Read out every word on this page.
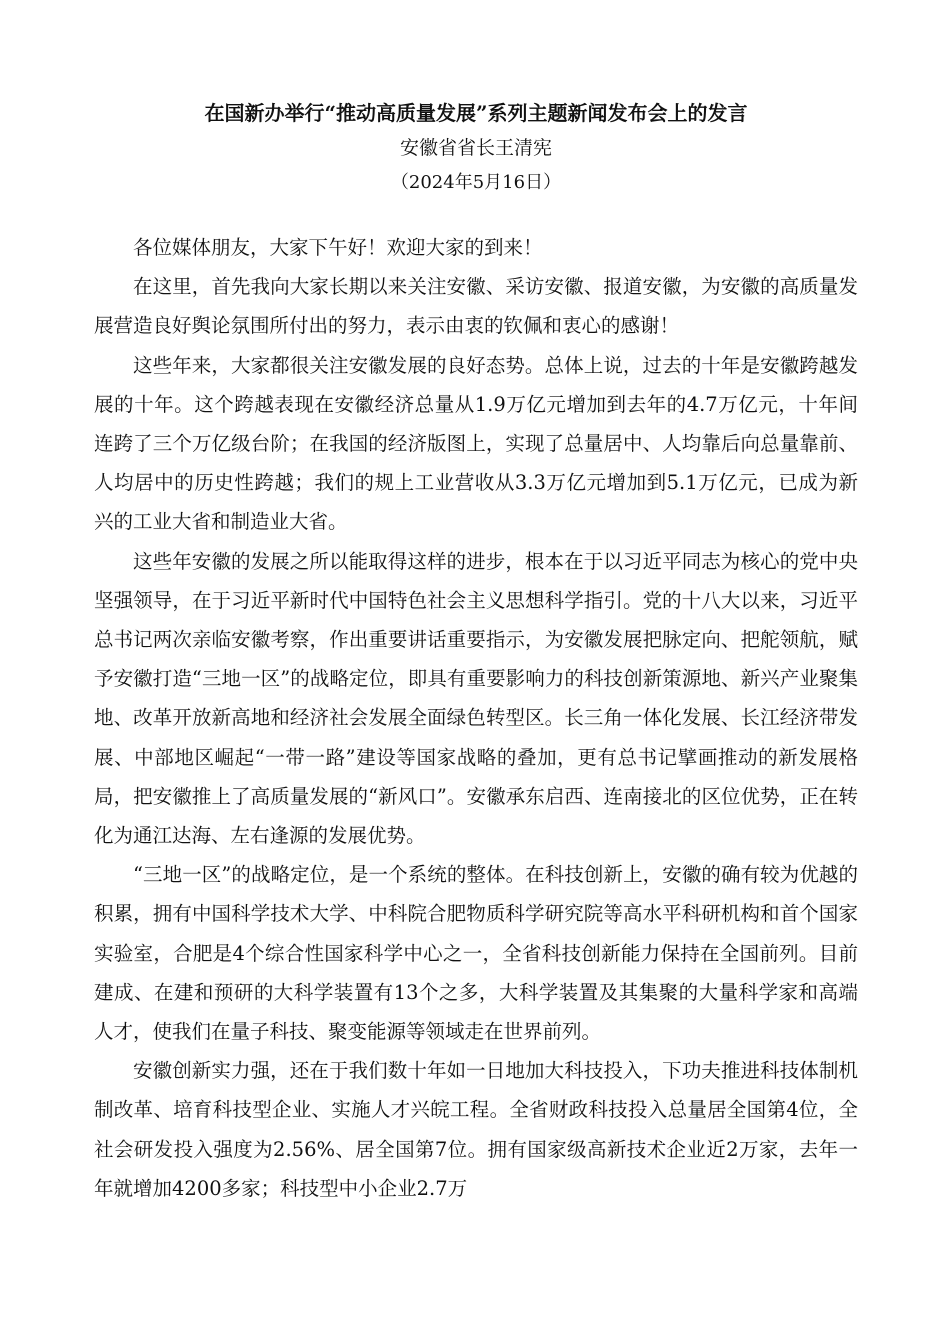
在国新办举行“推动高质量发展”系列主题新闻发布会上的发言

安徽省省长王清宪

（2024年5月16日）

各位媒体朋友，大家下午好！欢迎大家的到来！

在这里，首先我向大家长期以来关注安徽、采访安徽、报道安徽，为安徽的高质量发展营造良好舆论氛围所付出的努力，表示由衷的钦佩和衷心的感谢！

这些年来，大家都很关注安徽发展的良好态势。总体上说，过去的十年是安徽跨越发展的十年。这个跨越表现在安徽经济总量从1.9万亿元增加到去年的4.7万亿元，十年间连跨了三个万亿级台阶；在我国的经济版图上，实现了总量居中、人均靠后向总量靠前、人均居中的历史性跨越；我们的规上工业营收从3.3万亿元增加到5.1万亿元，已成为新兴的工业大省和制造业大省。

这些年安徽的发展之所以能取得这样的进步，根本在于以习近平同志为核心的党中央坚强领导，在于习近平新时代中国特色社会主义思想科学指引。党的十八大以来，习近平总书记两次亲临安徽考察，作出重要讲话重要指示，为安徽发展把脉定向、把舵领航，赋予安徽打造“三地一区”的战略定位，即具有重要影响力的科技创新策源地、新兴产业聚集地、改革开放新高地和经济社会发展全面绿色转型区。长三角一体化发展、长江经济带发展、中部地区崛起“一带一路”建设等国家战略的叠加，更有总书记擘画推动的新发展格局，把安徽推上了高质量发展的“新风口”。安徽承东启西、连南接北的区位优势，正在转化为通江达海、左右逢源的发展优势。

“三地一区”的战略定位，是一个系统的整体。在科技创新上，安徽的确有较为优越的积累，拥有中国科学技术大学、中科院合肥物质科学研究院等高水平科研机构和首个国家实验室，合肥是4个综合性国家科学中心之一，全省科技创新能力保持在全国前列。目前建成、在建和预研的大科学装置有13个之多，大科学装置及其集聚的大量科学家和高端人才，使我们在量子科技、聚变能源等领域走在世界前列。

安徽创新实力强，还在于我们数十年如一日地加大科技投入，下功夫推进科技体制机制改革、培育科技型企业、实施人才兴皖工程。全省财政科技投入总量居全国第4位，全社会研发投入强度为2.56%、居全国第7位。拥有国家级高新技术企业近2万家，去年一年就增加4200多家；科技型中小企业2.7万
